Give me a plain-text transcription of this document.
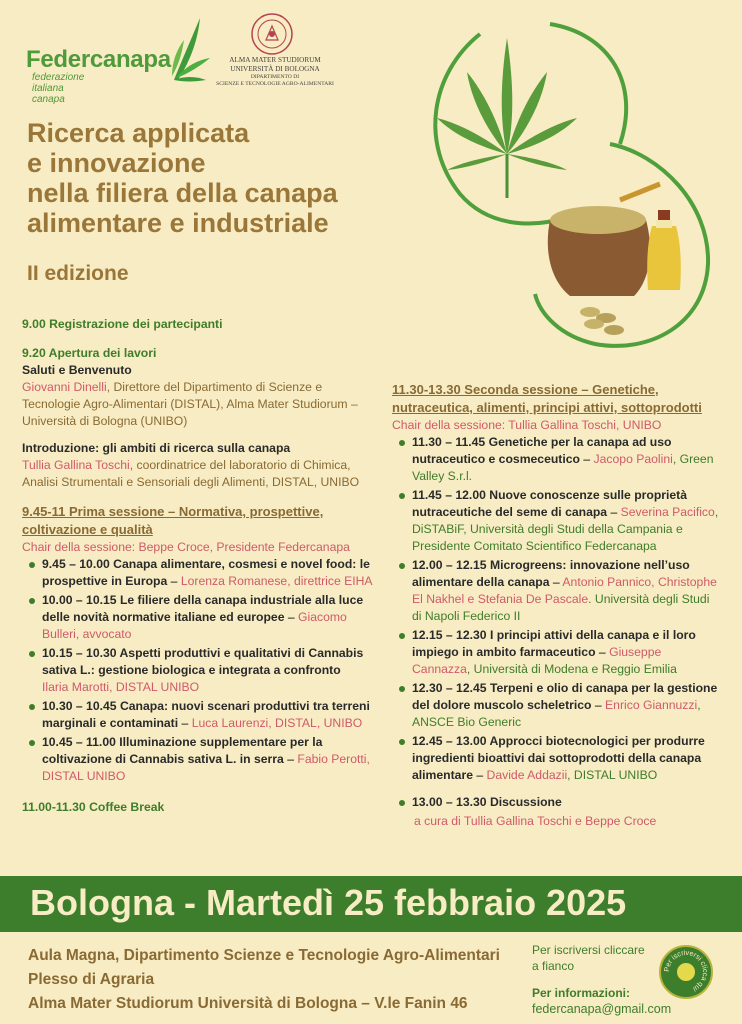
Federcanapa
federazione italiana canapa
ALMA MATER STUDIORUM
UNIVERSITÀ DI BOLOGNA
DIPARTIMENTO DI
SCIENZE E TECNOLOGIE AGRO-ALIMENTARI
Ricerca applicata
e innovazione
nella filiera della canapa
alimentare e industriale
II edizione
9.00 Registrazione dei partecipanti
9.20 Apertura dei lavori
Saluti e Benvenuto
Giovanni Dinelli, Direttore del Dipartimento di Scienze e Tecnologie Agro-Alimentari (DISTAL), Alma Mater Studiorum – Università di Bologna (UNIBO)
Introduzione: gli ambiti di ricerca sulla canapa
Tullia Gallina Toschi, coordinatrice del laboratorio di Chimica, Analisi Strumentali e Sensoriali degli Alimenti, DISTAL, UNIBO
9.45-11 Prima sessione – Normativa, prospettive, coltivazione e qualità
Chair della sessione: Beppe Croce, Presidente Federcanapa
9.45 – 10.00 Canapa alimentare, cosmesi e novel food: le prospettive in Europa – Lorenza Romanese, direttrice EIHA
10.00 – 10.15 Le filiere della canapa industriale alla luce delle novità normative italiane ed europee – Giacomo Bulleri, avvocato
10.15 – 10.30 Aspetti produttivi e qualitativi di Cannabis sativa L.: gestione biologica e integrata a confronto
Ilaria Marotti, DISTAL UNIBO
10.30 – 10.45 Canapa: nuovi scenari produttivi tra terreni marginali e contaminati – Luca Laurenzi, DISTAL, UNIBO
10.45 – 11.00 Illuminazione supplementare per la coltivazione di Cannabis sativa L. in serra – Fabio Perotti, DISTAL UNIBO
11.00-11.30 Coffee Break
11.30-13.30 Seconda sessione – Genetiche, nutraceutica, alimenti, principi attivi, sottoprodotti
Chair della sessione: Tullia Gallina Toschi, UNIBO
11.30 – 11.45 Genetiche per la canapa ad uso nutraceutico e cosmeceutico – Jacopo Paolini, Green Valley S.r.l.
11.45 – 12.00 Nuove conoscenze sulle proprietà nutraceutiche del seme di canapa – Severina Pacifico, DiSTABiF, Università degli Studi della Campania e Presidente Comitato Scientifico Federcanapa
12.00 – 12.15 Microgreens: innovazione nell’uso alimentare della canapa – Antonio Pannico, Christophe El Nakhel e Stefania De Pascale. Università degli Studi di Napoli Federico II
12.15 – 12.30 I principi attivi della canapa e il loro impiego in ambito farmaceutico – Giuseppe Cannazza, Università di Modena e Reggio Emilia
12.30 – 12.45 Terpeni e olio di canapa per la gestione del dolore muscolo scheletrico – Enrico Giannuzzi, ANSCE Bio Generic
12.45 – 13.00 Approcci biotecnologici per produrre ingredienti bioattivi dai sottoprodotti della canapa alimentare – Davide Addazii, DISTAL UNIBO
13.00 – 13.30 Discussione
a cura di Tullia Gallina Toschi e Beppe Croce
Bologna - Martedì 25 febbraio 2025
Aula Magna, Dipartimento Scienze e Tecnologie Agro-Alimentari
Plesso di Agraria
Alma Mater Studiorum Università di Bologna – V.le Fanin 46
Per iscriversi cliccare a fianco
Per informazioni:
federcanapa@gmail.com
Per iscriversi clicca qui
